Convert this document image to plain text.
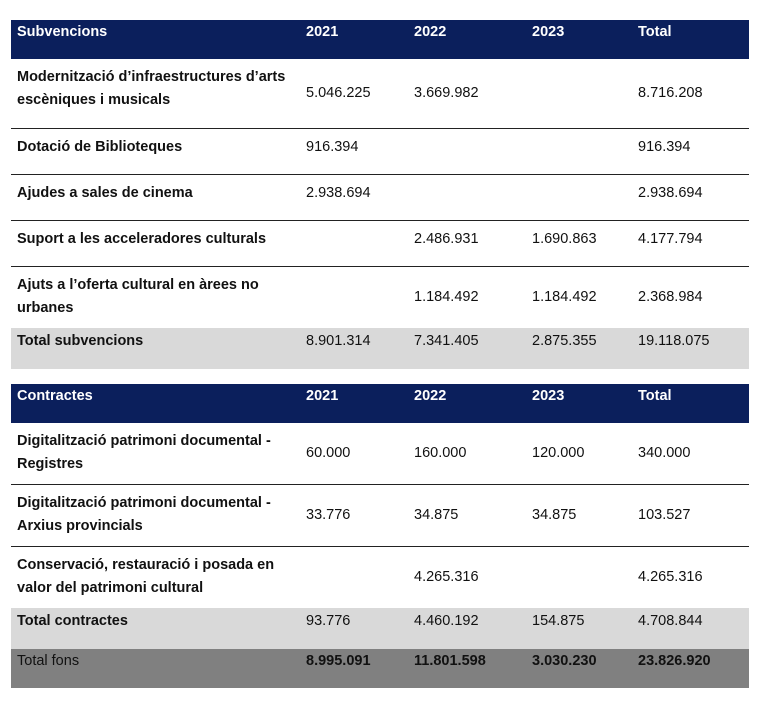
Subvencions	2021	2022	2023	Total
Modernització d’infraestructures d’arts escèniques i musicals	5.046.225	3.669.982		8.716.208
Dotació de Biblioteques	916.394			916.394
Ajudes a sales de cinema	2.938.694			2.938.694
Suport a les acceleradores culturals		2.486.931	1.690.863	4.177.794
Ajuts a l’oferta cultural en àrees no urbanes		1.184.492	1.184.492	2.368.984
Total subvencions	8.901.314	7.341.405	2.875.355	19.118.075
Contractes	2021	2022	2023	Total
Digitalització patrimoni documental - Registres	60.000	160.000	120.000	340.000
Digitalització patrimoni documental - Arxius provincials	33.776	34.875	34.875	103.527
Conservació, restauració i posada en valor del patrimoni cultural		4.265.316		4.265.316
Total contractes	93.776	4.460.192	154.875	4.708.844
Total fons	8.995.091	11.801.598	3.030.230	23.826.920
